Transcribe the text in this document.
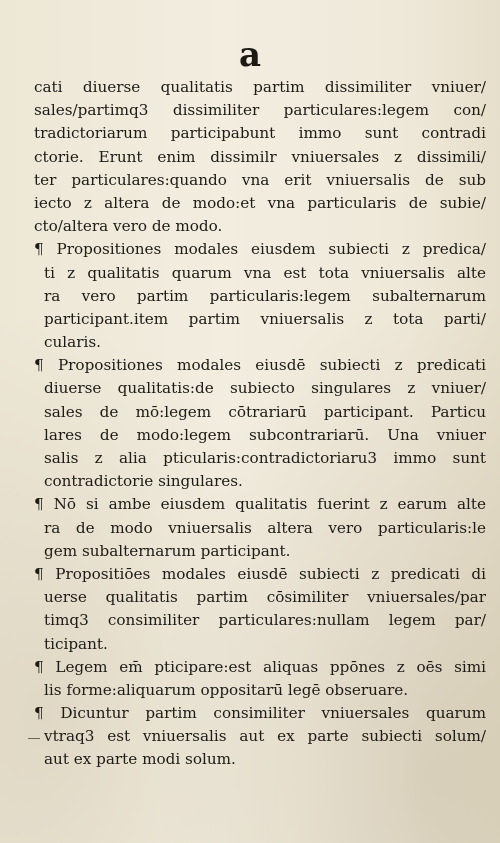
a
cati diuerse qualitatis partim dissimiliter vniuer/
sales/partimq3 dissimiliter particulares:legem con/
tradictoriarum participabunt immo sunt contradi
ctorie. Erunt enim dissimilr vniuersales z dissimili/
ter particulares:quando vna erit vniuersalis de sub
iecto z altera de modo:et vna particularis de subie/
cto/altera vero de modo.
¶ Propositiones modales eiusdem subiecti z predica/
ti z qualitatis quarum vna est tota vniuersalis alte
ra vero partim particularis:legem subalternarum
participant.item partim vniuersalis z tota parti/
cularis.
¶ Propositiones modales eiusdē subiecti z predicati
diuerse qualitatis:de subiecto singulares z vniuer/
sales de mō:legem cōtrariarū participant. Particu
lares de modo:legem subcontrariarū. Una vniuer
salis z alia pticularis:contradictoriaru3 immo sunt
contradictorie singulares.
¶ Nō si ambe eiusdem qualitatis fuerint z earum alte
ra de modo vniuersalis altera vero particularis:le
gem subalternarum participant.
¶ Propositiōes modales eiusdē subiecti z predicati di
uerse qualitatis partim cōsimiliter vniuersales/par
timq3 consimiliter particulares:nullam legem par/
ticipant.
¶ Legem em̄ pticipare:est aliquas ppōnes z oēs simi
lis forme:aliquarum oppositarū legē obseruare.
¶ Dicuntur partim consimiliter vniuersales quarum
vtraq3 est vniuersalis aut ex parte subiecti solum/
aut ex parte modi solum.
